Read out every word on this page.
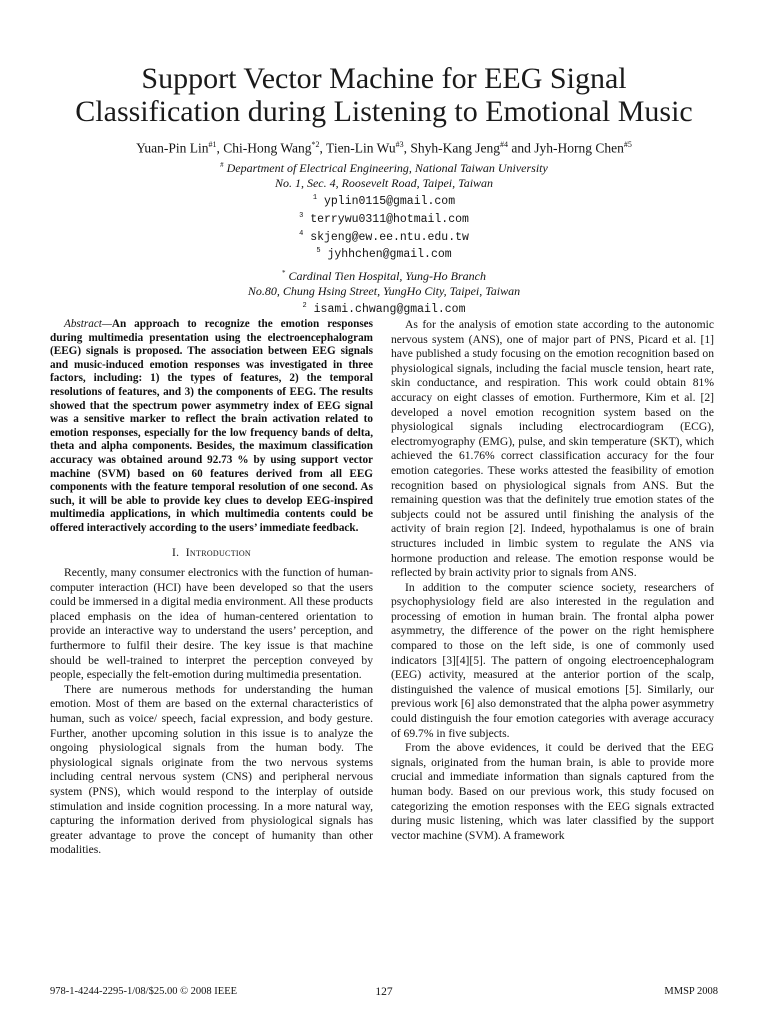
Support Vector Machine for EEG Signal
Classification during Listening to Emotional Music
Yuan-Pin Lin$^{\#1}$, Chi-Hong Wang$^{*2}$, Tien-Lin Wu$^{\#3}$, Shyh-Kang Jeng$^{\#4}$ and Jyh-Horng Chen$^{\#5}$
# Department of Electrical Engineering, National Taiwan University
No. 1, Sec. 4, Roosevelt Road, Taipei, Taiwan
$^1$ yplin0115@gmail.com
$^3$ terrywu0311@hotmail.com
$^4$ skjeng@ew.ee.ntu.edu.tw
$^5$ jyhhchen@gmail.com
* Cardinal Tien Hospital, Yung-Ho Branch
No.80, Chung Hsing Street, YungHo City, Taipei, Taiwan
$^2$ isami.chwang@gmail.com

Abstract—An approach to recognize the emotion responses during multimedia presentation using the electroencephalogram (EEG) signals is proposed. The association between EEG signals and music-induced emotion responses was investigated in three factors, including: 1) the types of features, 2) the temporal resolutions of features, and 3) the components of EEG. The results showed that the spectrum power asymmetry index of EEG signal was a sensitive marker to reflect the brain activation related to emotion responses, especially for the low frequency bands of delta, theta and alpha components. Besides, the maximum classification accuracy was obtained around 92.73 % by using support vector machine (SVM) based on 60 features derived from all EEG components with the feature temporal resolution of one second. As such, it will be able to provide key clues to develop EEG-inspired multimedia applications, in which multimedia contents could be offered interactively according to the users’ immediate feedback.

I. Introduction

Recently, many consumer electronics with the function of human-computer interaction (HCI) have been developed so that the users could be immersed in a digital media environment. All these products placed emphasis on the idea of human-centered orientation to provide an interactive way to understand the users’ perception, and furthermore to fulfil their desire. The key issue is that machine should be well-trained to interpret the perception conveyed by people, especially the felt-emotion during multimedia presentation.

There are numerous methods for understanding the human emotion. Most of them are based on the external characteristics of human, such as voice/ speech, facial expression, and body gesture. Further, another upcoming solution in this issue is to analyze the ongoing physiological signals from the human body. The physiological signals originate from the two nervous systems including central nervous system (CNS) and peripheral nervous system (PNS), which would respond to the interplay of outside stimulation and inside cognition processing. In a more natural way, capturing the information derived from physiological signals has greater advantage to prove the concept of humanity than other modalities.

As for the analysis of emotion state according to the autonomic nervous system (ANS), one of major part of PNS, Picard et al. [1] have published a study focusing on the emotion recognition based on physiological signals, including the facial muscle tension, heart rate, skin conductance, and respiration. This work could obtain 81% accuracy on eight classes of emotion. Furthermore, Kim et al. [2] developed a novel emotion recognition system based on the physiological signals including electrocardiogram (ECG), electromyography (EMG), pulse, and skin temperature (SKT), which achieved the 61.76% correct classification accuracy for the four emotion categories. These works attested the feasibility of emotion recognition based on physiological signals from ANS. But the remaining question was that the definitely true emotion states of the subjects could not be assured until finishing the analysis of the activity of brain region [2]. Indeed, hypothalamus is one of brain structures included in limbic system to regulate the ANS via hormone production and release. The emotion response would be reflected by brain activity prior to signals from ANS.

In addition to the computer science society, researchers of psychophysiology field are also interested in the regulation and processing of emotion in human brain. The frontal alpha power asymmetry, the difference of the power on the right hemisphere compared to those on the left side, is one of commonly used indicators [3][4][5]. The pattern of ongoing electroencephalogram (EEG) activity, measured at the anterior portion of the scalp, distinguished the valence of musical emotions [5]. Similarly, our previous work [6] also demonstrated that the alpha power asymmetry could distinguish the four emotion categories with average accuracy of 69.7% in five subjects.

From the above evidences, it could be derived that the EEG signals, originated from the human brain, is able to provide more crucial and immediate information than signals captured from the human body. Based on our previous work, this study focused on categorizing the emotion responses with the EEG signals extracted during music listening, which was later classified by the support vector machine (SVM). A framework

978-1-4244-2295-1/08/$25.00 © 2008 IEEE	127	MMSP 2008
